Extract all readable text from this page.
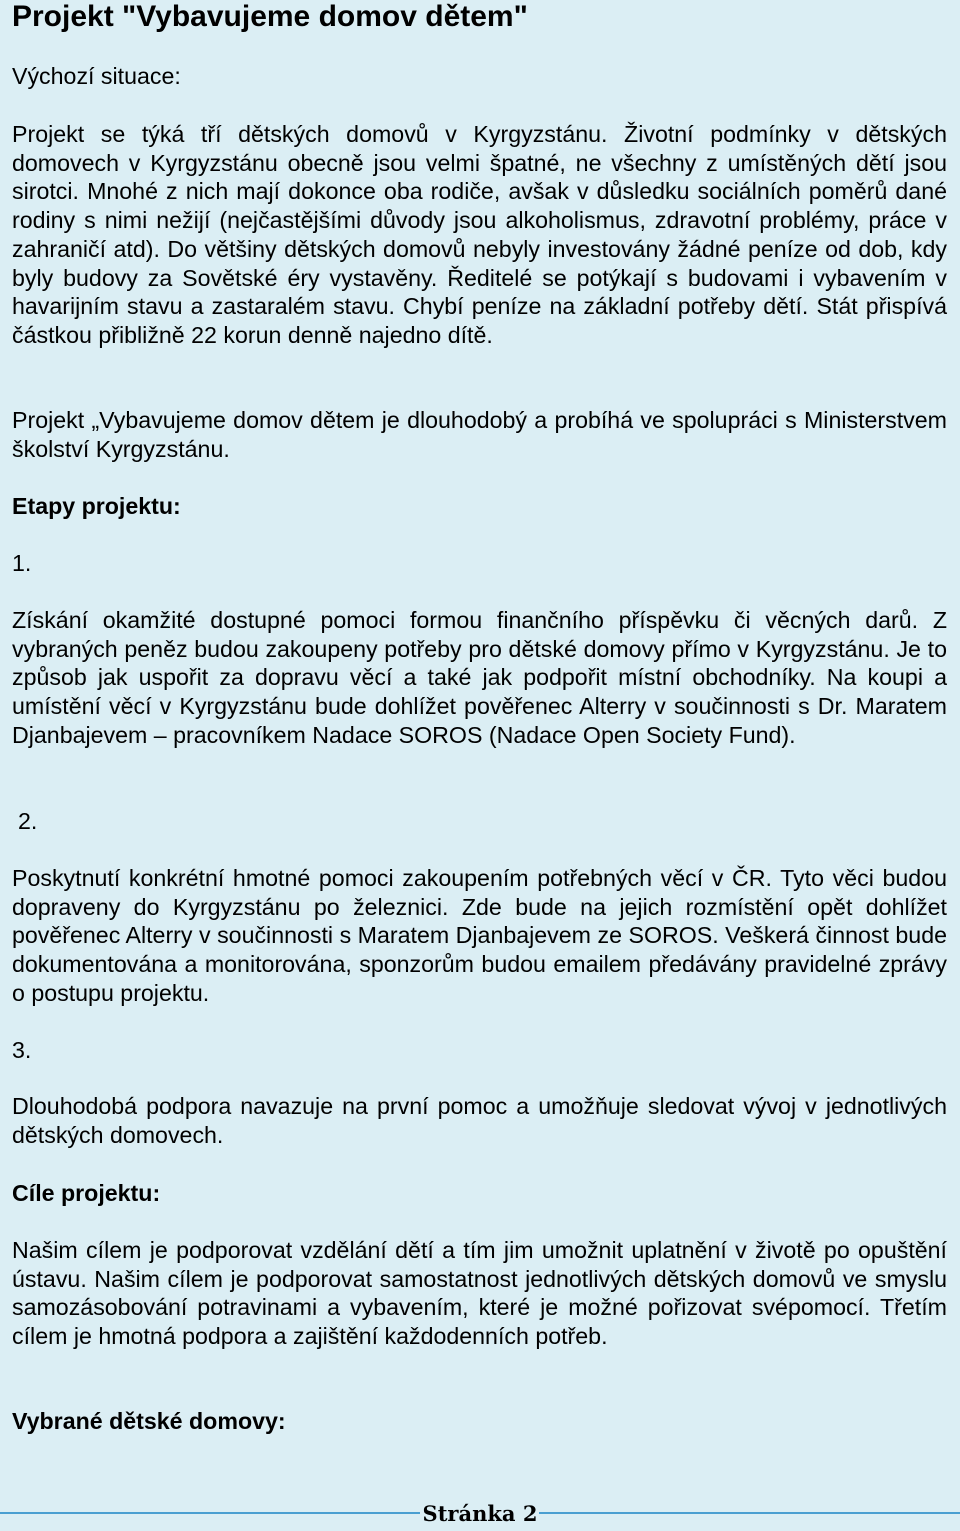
Projekt "Vybavujeme domov dětem"

Výchozí situace:

Projekt se týká tří dětských domovů v Kyrgyzstánu. Životní podmínky v dětských domovech v Kyrgyzstánu obecně jsou velmi špatné, ne všechny z umístěných dětí jsou sirotci. Mnohé z nich mají dokonce oba rodiče, avšak v důsledku sociálních poměrů dané rodiny s nimi nežijí (nejčastějšími důvody jsou alkoholismus, zdravotní problémy, práce v zahraničí atd). Do většiny dětských domovů nebyly investovány žádné peníze od dob, kdy byly budovy za Sovětské éry vystavěny. Ředitelé se potýkají s budovami i vybavením v havarijním stavu a zastaralém stavu. Chybí peníze na základní potřeby dětí. Stát přispívá částkou přibližně 22 korun denně najedno dítě.

Projekt „Vybavujeme domov dětem je dlouhodobý a probíhá ve spolupráci s Ministerstvem školství Kyrgyzstánu.

Etapy projektu:

1.

Získání okamžité dostupné pomoci formou finančního příspěvku či věcných darů. Z vybraných peněz budou zakoupeny potřeby pro dětské domovy přímo v Kyrgyzstánu. Je to způsob jak uspořit za dopravu věcí a také jak podpořit místní obchodníky. Na koupi a umístění věcí v Kyrgyzstánu bude dohlížet pověřenec Alterry v součinnosti s Dr. Maratem Djanbajevem – pracovníkem Nadace SOROS (Nadace Open Society Fund).

2.

Poskytnutí konkrétní hmotné pomoci zakoupením potřebných věcí v ČR. Tyto věci budou dopraveny do Kyrgyzstánu po železnici. Zde bude na jejich rozmístění opět dohlížet pověřenec Alterry v součinnosti s Maratem Djanbajevem ze SOROS. Veškerá činnost bude dokumentována a monitorována, sponzorům budou emailem předávány pravidelné zprávy o postupu projektu.

3.

Dlouhodobá podpora navazuje na první pomoc a umožňuje sledovat vývoj v jednotlivých dětských domovech.

Cíle projektu:

Našim cílem je podporovat vzdělání dětí a tím jim umožnit uplatnění v životě po opuštění ústavu. Našim cílem je podporovat samostatnost jednotlivých dětských domovů ve smyslu samozásobování potravinami a vybavením, které je možné pořizovat svépomocí. Třetím cílem je hmotná podpora a zajištění každodenních potřeb.

Vybrané dětské domovy:

Stránka 2
